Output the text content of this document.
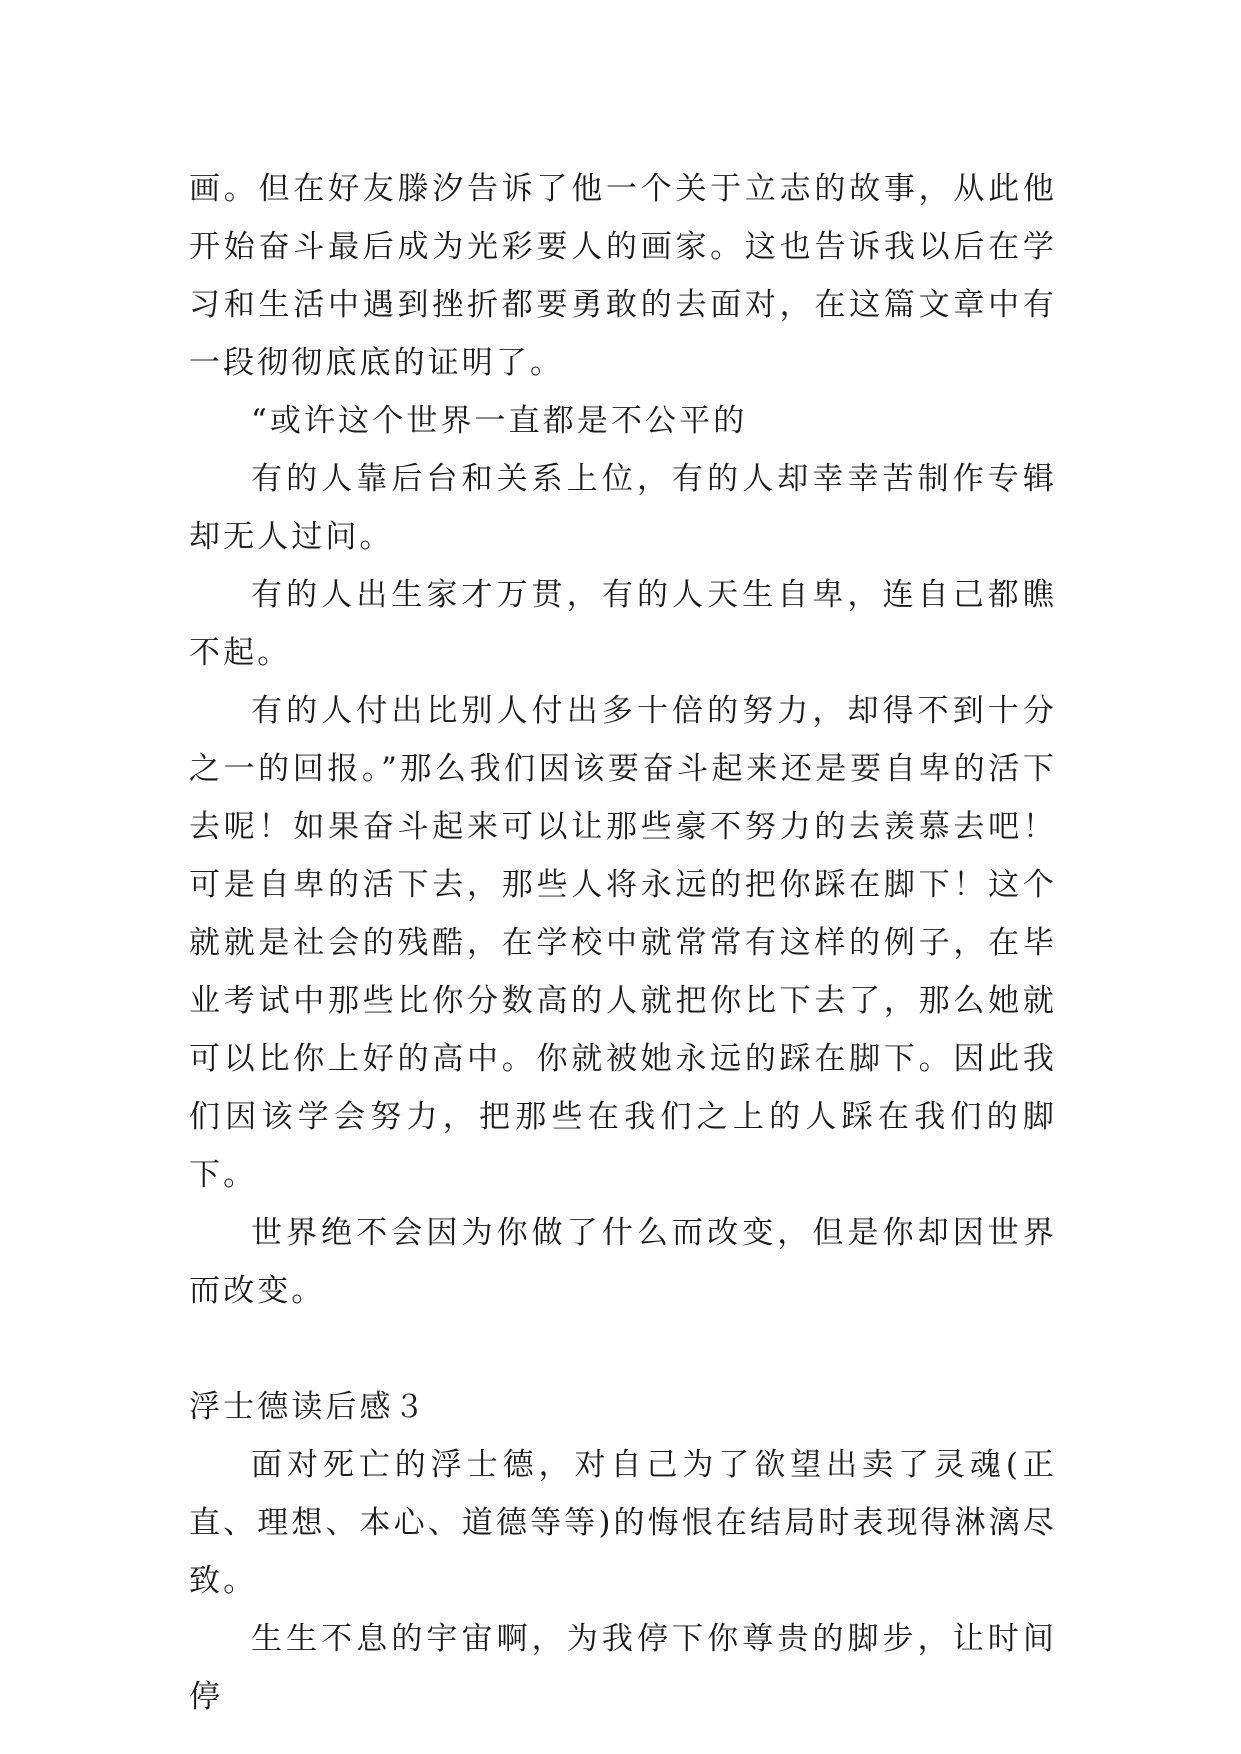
画。但在好友滕汐告诉了他一个关于立志的故事，从此他开始奋斗最后成为光彩要人的画家。这也告诉我以后在学习和生活中遇到挫折都要勇敢的去面对，在这篇文章中有一段彻彻底底的证明了。

“或许这个世界一直都是不公平的

有的人靠后台和关系上位，有的人却幸幸苦制作专辑却无人过问。

有的人出生家才万贯，有的人天生自卑，连自己都瞧不起。

有的人付出比别人付出多十倍的努力，却得不到十分之一的回报。”那么我们因该要奋斗起来还是要自卑的活下去呢！如果奋斗起来可以让那些豪不努力的去羡慕去吧！可是自卑的活下去，那些人将永远的把你踩在脚下！这个就就是社会的残酷，在学校中就常常有这样的例子，在毕业考试中那些比你分数高的人就把你比下去了，那么她就可以比你上好的高中。你就被她永远的踩在脚下。因此我们因该学会努力，把那些在我们之上的人踩在我们的脚下。

世界绝不会因为你做了什么而改变，但是你却因世界而改变。

浮士德读后感３

面对死亡的浮士德，对自己为了欲望出卖了灵魂(正直、理想、本心、道德等等)的悔恨在结局时表现得淋漓尽致。

生生不息的宇宙啊，为我停下你尊贵的脚步，让时间停
